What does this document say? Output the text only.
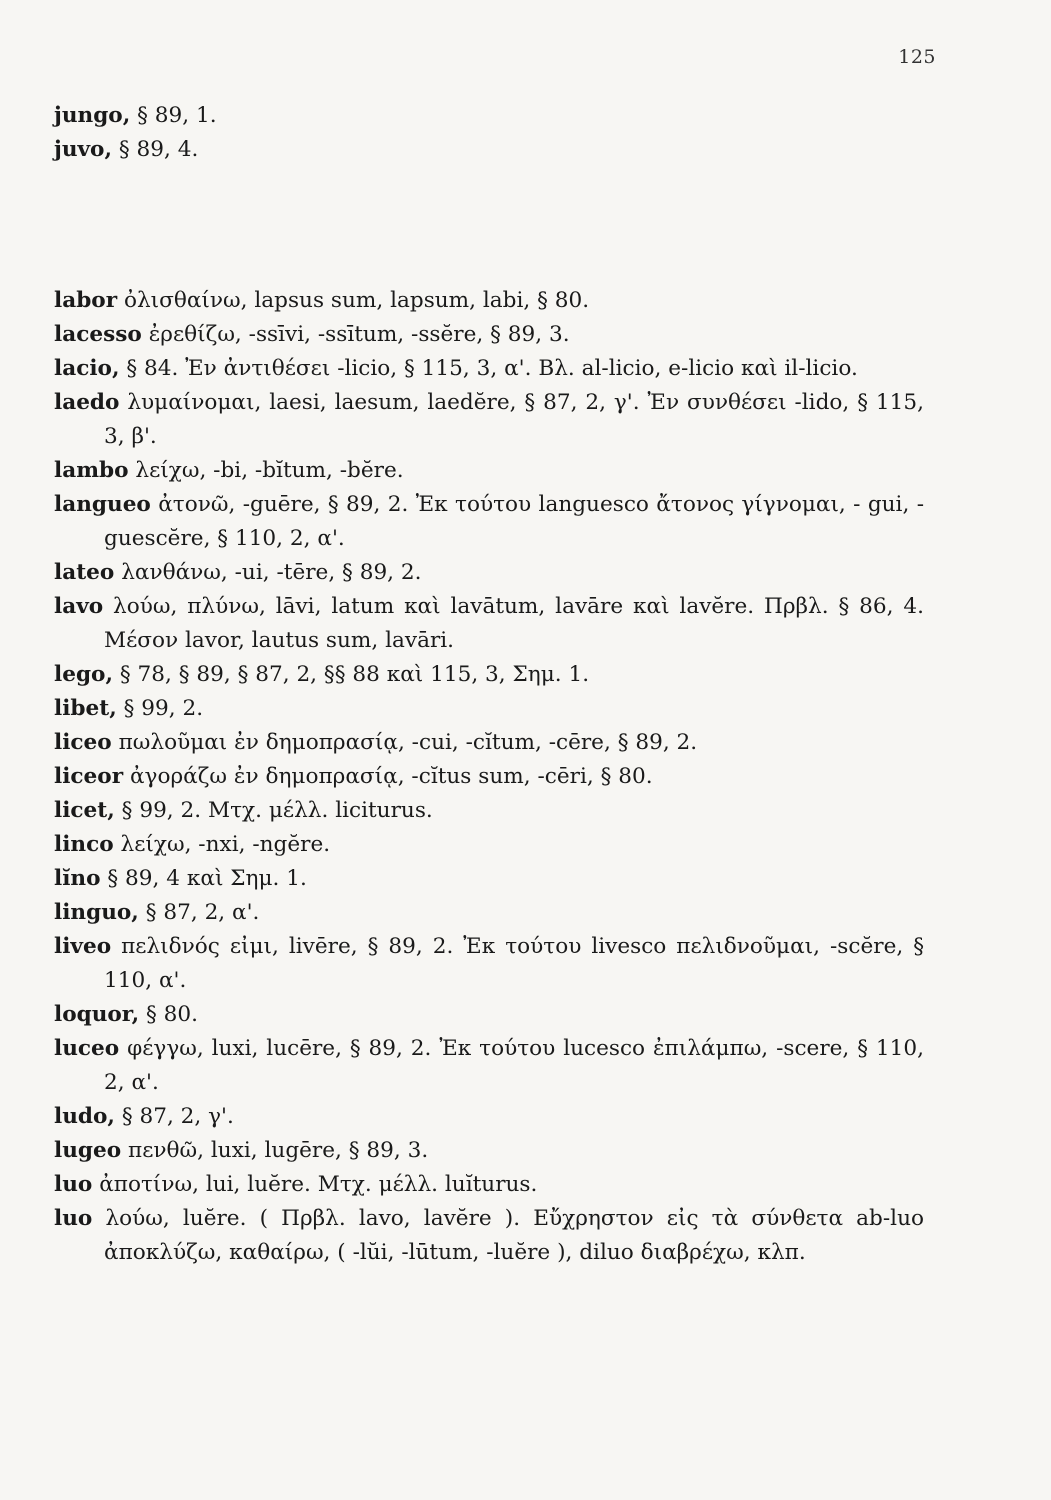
125

jungo, § 89, 1.

juvo, § 89, 4.

labor ὀλισθαίνω, lapsus sum, lapsum, labi, § 80.

lacesso ἐρεθίζω, -ssīvi, -ssītum, -ssĕre, § 89, 3.

lacio, § 84. Ἐν ἀντιθέσει -licio, § 115, 3, α'. Βλ. al-licio, e-licio καὶ il-licio.

laedo λυμαίνομαι, laesi, laesum, laedĕre, § 87, 2, γ'. Ἐν συνθέσει -lido, § 115, 3, β'.

lambo λείχω, -bi, -bĭtum, -bĕre.

langueo ἀτονῶ, -guēre, § 89, 2. Ἐκ τούτου languesco ἄτονος γίγνομαι, - gui, - guescĕre, § 110, 2, α'.

lateo λανθάνω, -ui, -tēre, § 89, 2.

lavo λούω, πλύνω, lāvi, latum καὶ lavātum, lavāre καὶ lavĕre. Πρβλ. § 86, 4. Μέσον lavor, lautus sum, lavāri.

lego, § 78, § 89, § 87, 2, §§ 88 καὶ 115, 3, Σημ. 1.

libet, § 99, 2.

liceo πωλοῦμαι ἐν δημοπρασίᾳ, -cui, -cĭtum, -cēre, § 89, 2.

liceor ἀγοράζω ἐν δημοπρασίᾳ, -cĭtus sum, -cēri, § 80.

licet, § 99, 2. Μτχ. μέλλ. liciturus.

linco λείχω, -nxi, -ngĕre.

lĭno § 89, 4 καὶ Σημ. 1.

linguo, § 87, 2, α'.

liveo πελιδνός εἰμι, livēre, § 89, 2. Ἐκ τούτου livesco πελιδνοῦμαι, -scĕre, § 110, α'.

loquor, § 80.

luceo φέγγω, luxi, lucēre, § 89, 2. Ἐκ τούτου lucesco ἐπιλάμπω, -scere, § 110, 2, α'.

ludo, § 87, 2, γ'.

lugeo πενθῶ, luxi, lugēre, § 89, 3.

luo ἀποτίνω, lui, luĕre. Μτχ. μέλλ. luĭturus.

luo λούω, luĕre. ( Πρβλ. lavo, lavĕre ). Εὔχρηστον εἰς τὰ σύνθετα ab-luo ἀποκλύζω, καθαίρω, ( -lŭi, -lūtum, -luĕre ), diluo διαβρέχω, κλπ.
